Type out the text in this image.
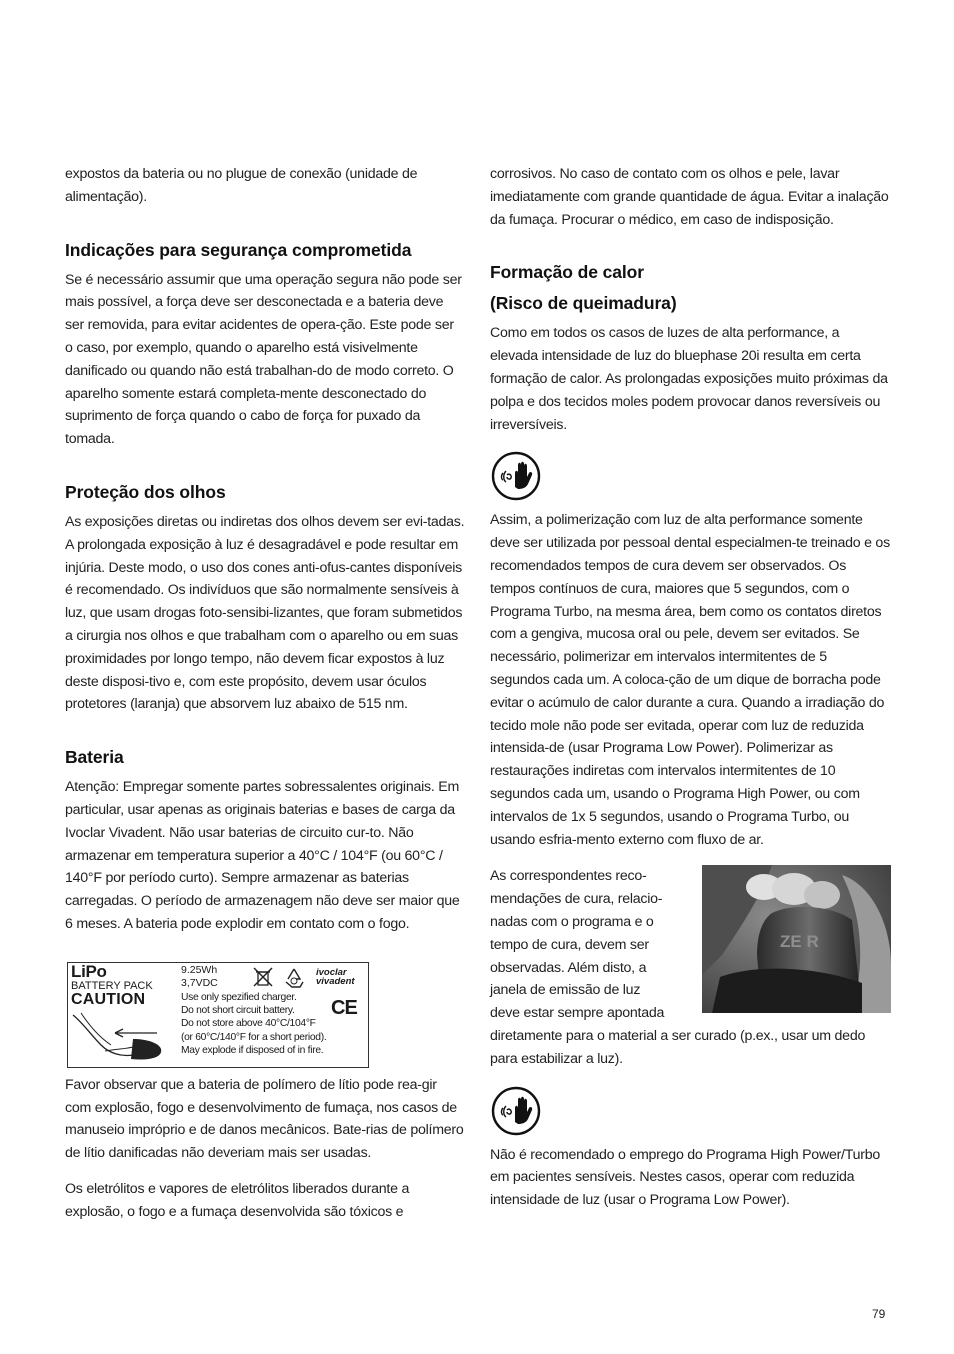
expostos da bateria ou no plugue de conexão (unidade de alimentação).

Indicações para segurança comprometida

Se é necessário assumir que uma operação segura não pode ser mais possível, a força deve ser desconectada e a bateria deve ser removida, para evitar acidentes de opera-ção. Este pode ser o caso, por exemplo, quando o aparelho está visivelmente danificado ou quando não está trabalhan-do de modo correto. O aparelho somente estará completa-mente desconectado do suprimento de força quando o cabo de força for puxado da tomada.

Proteção dos olhos

As exposições diretas ou indiretas dos olhos devem ser evi-tadas. A prolongada exposição à luz é desagradável e pode resultar em injúria. Deste modo, o uso dos cones anti-ofus-cantes disponíveis é recomendado. Os indivíduos que são normalmente sensíveis à luz, que usam drogas foto-sensibi-lizantes, que foram submetidos a cirurgia nos olhos e que trabalham com o aparelho ou em suas proximidades por longo tempo, não devem ficar expostos à luz deste disposi-tivo e, com este propósito, devem usar óculos protetores (laranja) que absorvem luz abaixo de 515 nm.

Bateria

Atenção: Empregar somente partes sobressalentes originais. Em particular, usar apenas as originais baterias e bases de carga da Ivoclar Vivadent. Não usar baterias de circuito cur-to. Não armazenar em temperatura superior a 40°C / 104°F (ou 60°C / 140°F por período curto). Sempre armazenar as baterias carregadas. O período de armazenagem não deve ser maior que 6 meses. A bateria pode explodir em contato com o fogo.

LiPo
BATTERY PACK
CAUTION
9.25Wh
3,7VDC
ivoclar
vivadent
CE
Use only spezified charger.
Do not short circuit battery.
Do not store above 40°C/104°F
(or 60°C/140°F for a short period).
May explode if disposed of in fire.

Favor observar que a bateria de polímero de lítio pode rea-gir com explosão, fogo e desenvolvimento de fumaça, nos casos de manuseio impróprio e de danos mecânicos. Bate-rias de polímero de lítio danificadas não deveriam mais ser usadas.

Os eletrólitos e vapores de eletrólitos liberados durante a explosão, o fogo e a fumaça desenvolvida são tóxicos e

corrosivos. No caso de contato com os olhos e pele, lavar imediatamente com grande quantidade de água. Evitar a inalação da fumaça. Procurar o médico, em caso de indisposição.

Formação de calor
(Risco de queimadura)

Como em todos os casos de luzes de alta performance, a elevada intensidade de luz do bluephase 20i resulta em certa formação de calor. As prolongadas exposições muito próximas da polpa e dos tecidos moles podem provocar danos reversíveis ou irreversíveis.

Assim, a polimerização com luz de alta performance somente deve ser utilizada por pessoal dental especialmen-te treinado e os recomendados tempos de cura devem ser observados. Os tempos contínuos de cura, maiores que 5 segundos, com o Programa Turbo, na mesma área, bem como os contatos diretos com a gengiva, mucosa oral ou pele, devem ser evitados. Se necessário, polimerizar em intervalos intermitentes de 5 segundos cada um. A coloca-ção de um dique de borracha pode evitar o acúmulo de calor durante a cura. Quando a irradiação do tecido mole não pode ser evitada, operar com luz de reduzida intensida-de (usar Programa Low Power). Polimerizar as restaurações indiretas com intervalos intermitentes de 10 segundos cada um, usando o Programa High Power, ou com intervalos de 1x 5 segundos, usando o Programa Turbo, ou usando esfria-mento externo com fluxo de ar.

ZE R

As correspondentes reco-

mendações de cura, relacio-

nadas com o programa e o

tempo de cura, devem ser

observadas. Além disto, a

janela de emissão de luz

deve estar sempre apontada

diretamente para o material a ser curado (p.ex., usar um dedo para estabilizar a luz).

Não é recomendado o emprego do Programa High Power/Turbo em pacientes sensíveis. Nestes casos, operar com reduzida intensidade de luz (usar o Programa Low Power).

79
